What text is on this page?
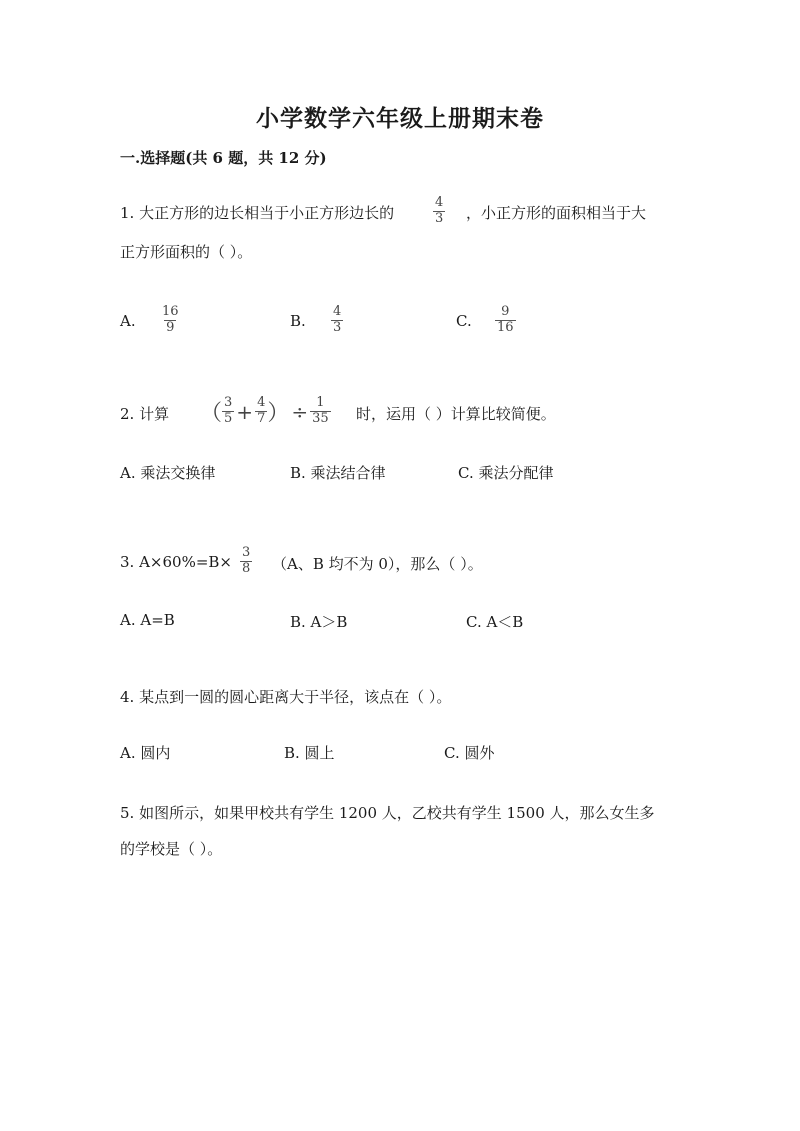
小学数学六年级上册期末卷
一.选择题(共 6 题，共 12 分)
1. 大正方形的边长相当于小正方形边长的	$\frac{4}{3}$ ，小正方形的面积相当于大
正方形面积的（ ）。
A. $\frac{16}{9}$	B. $\frac{4}{3}$	C. $\frac{9}{16}$
2. 计算 （ $\frac{3}{5} + \frac{4}{7}$ ） ÷ $\frac{1}{35}$ 时，运用（ ）计算比较简便。
A. 乘法交换律	B. 乘法结合律	C. 乘法分配律
3. $A\times 60\%=B\times \frac{3}{8} (A$、B 均不为 0），那么（ ）。
A. A=B	B. A＞B	C. A＜B
4. 某点到一圆的圆心距离大于半径，该点在（ ）。
A. 圆内	B. 圆上	C. 圆外
5. 如图所示，如果甲校共有学生 1200 人，乙校共有学生 1500 人，那么女生多
的学校是（ ）。
